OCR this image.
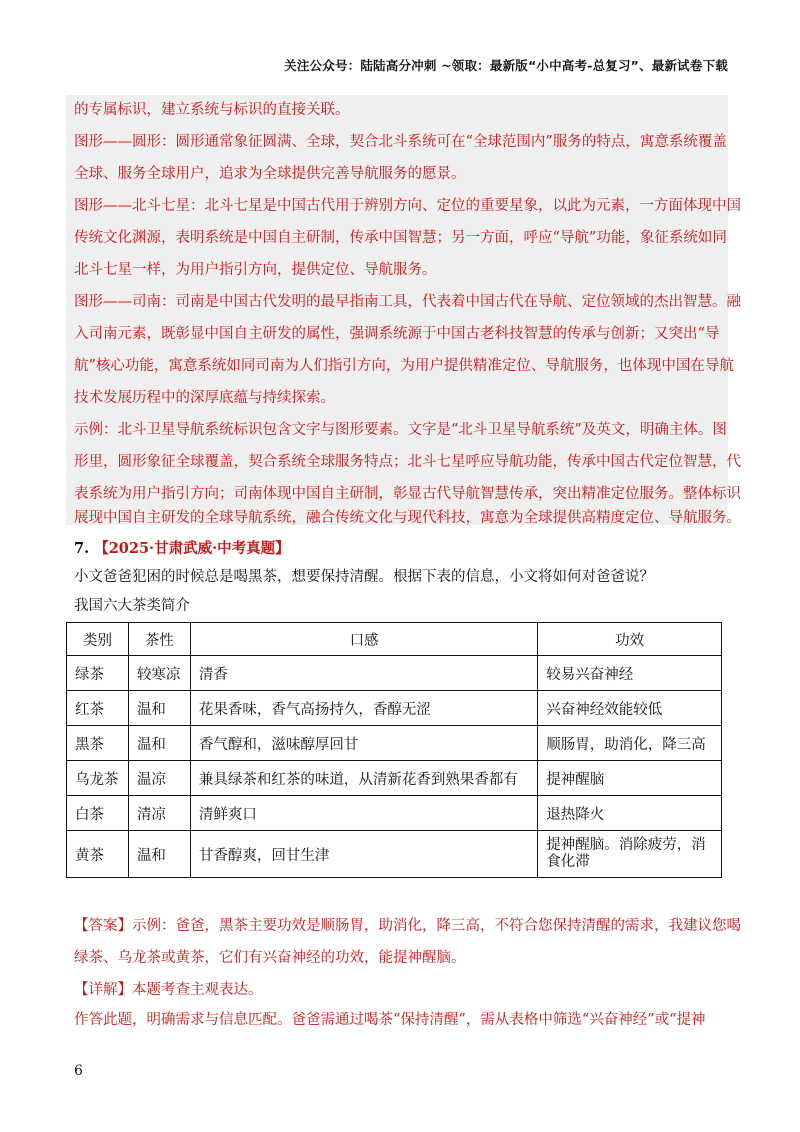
关注公众号：陆陆高分冲刺 ~领取：最新版“小中高考-总复习”、最新试卷下载
的专属标识，建立系统与标识的直接关联。
图形——圆形：圆形通常象征圆满、全球，契合北斗系统可在“全球范围内”服务的特点，寓意系统覆盖
全球、服务全球用户，追求为全球提供完善导航服务的愿景。
图形——北斗七星：北斗七星是中国古代用于辨别方向、定位的重要星象，以此为元素，一方面体现中国
传统文化渊源，表明系统是中国自主研制，传承中国智慧；另一方面，呼应“导航”功能，象征系统如同
北斗七星一样，为用户指引方向，提供定位、导航服务。
图形——司南：司南是中国古代发明的最早指南工具，代表着中国古代在导航、定位领域的杰出智慧。融
入司南元素，既彰显中国自主研发的属性，强调系统源于中国古老科技智慧的传承与创新；又突出“导
航”核心功能，寓意系统如同司南为人们指引方向，为用户提供精准定位、导航服务，也体现中国在导航
技术发展历程中的深厚底蕴与持续探索。
示例：北斗卫星导航系统标识包含文字与图形要素。文字是“北斗卫星导航系统”及英文，明确主体。图
形里，圆形象征全球覆盖，契合系统全球服务特点；北斗七星呼应导航功能，传承中国古代定位智慧，代
表系统为用户指引方向；司南体现中国自主研制，彰显古代导航智慧传承，突出精准定位服务。整体标识
展现中国自主研发的全球导航系统，融合传统文化与现代科技，寓意为全球提供高精度定位、导航服务。
7. 【2025·甘肃武威·中考真题】
小文爸爸犯困的时候总是喝黑茶，想要保持清醒。根据下表的信息，小文将如何对爸爸说？
我国六大茶类简介
类别	茶性	口感	功效
绿茶	较寒凉	清香	较易兴奋神经
红茶	温和	花果香味，香气高扬持久，香醇无涩	兴奋神经效能较低
黑茶	温和	香气醇和，滋味醇厚回甘	顺肠胃，助消化，降三高
乌龙茶	温凉	兼具绿茶和红茶的味道，从清新花香到熟果香都有	提神醒脑
白茶	清凉	清鲜爽口	退热降火
黄茶	温和	甘香醇爽，回甘生津	提神醒脑。消除疲劳，消食化滞
【答案】示例：爸爸，黑茶主要功效是顺肠胃，助消化，降三高，不符合您保持清醒的需求，我建议您喝
绿茶、乌龙茶或黄茶，它们有兴奋神经的功效，能提神醒脑。
【详解】本题考查主观表达。
作答此题，明确需求与信息匹配。爸爸需通过喝茶“保持清醒”，需从表格中筛选“兴奋神经”或“提神
6
